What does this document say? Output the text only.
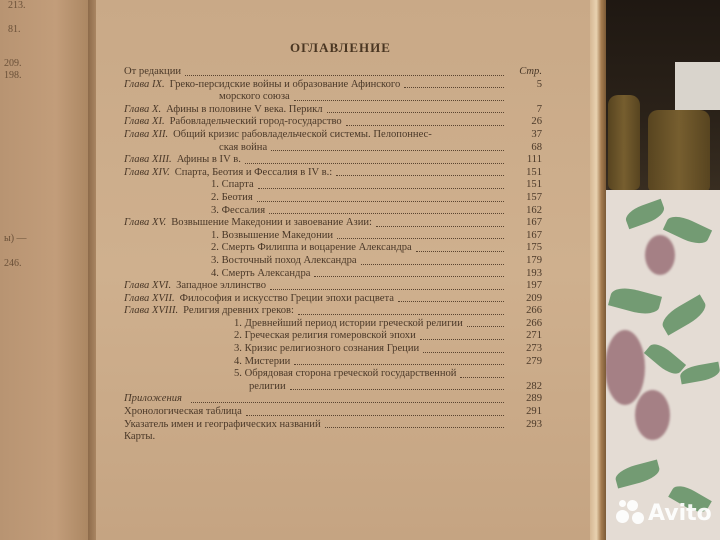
213.
81.
209.
198.
ы) —
246.
ОГЛАВЛЕНИЕ
От редакции	Стр.
Глава IX. Греко-персидские войны и образование Афинского	5
морского союза
Глава X. Афины в половине V века. Перикл	7
Глава XI. Рабовладельческий город-государство	26
Глава XII. Общий кризис рабовладельческой системы. Пелопоннес-	37
ская война	68
Глава XIII. Афины в IV в.	111
Глава XIV. Спарта, Беотия и Фессалия в IV в.:	151
1. Спарта	151
2. Беотия	157
3. Фессалия	162
Глава XV. Возвышение Македонии и завоевание Азии:	167
1. Возвышение Македонии	167
2. Смерть Филиппа и воцарение Александра	175
3. Восточный поход Александра	179
4. Смерть Александра	193
Глава XVI. Западное эллинство	197
Глава XVII. Философия и искусство Греции эпохи расцвета	209
Глава XVIII. Религия древних греков:	266
1. Древнейший период истории греческой религии	266
2. Греческая религия гомеровской эпохи	271
3. Кризис религиозного сознания Греции	273
4. Мистерии	279
5. Обрядовая сторона греческой государственной
религии	282
Приложения	289
Хронологическая таблица	291
Указатель имен и географических названий	293
Карты.
Avito
